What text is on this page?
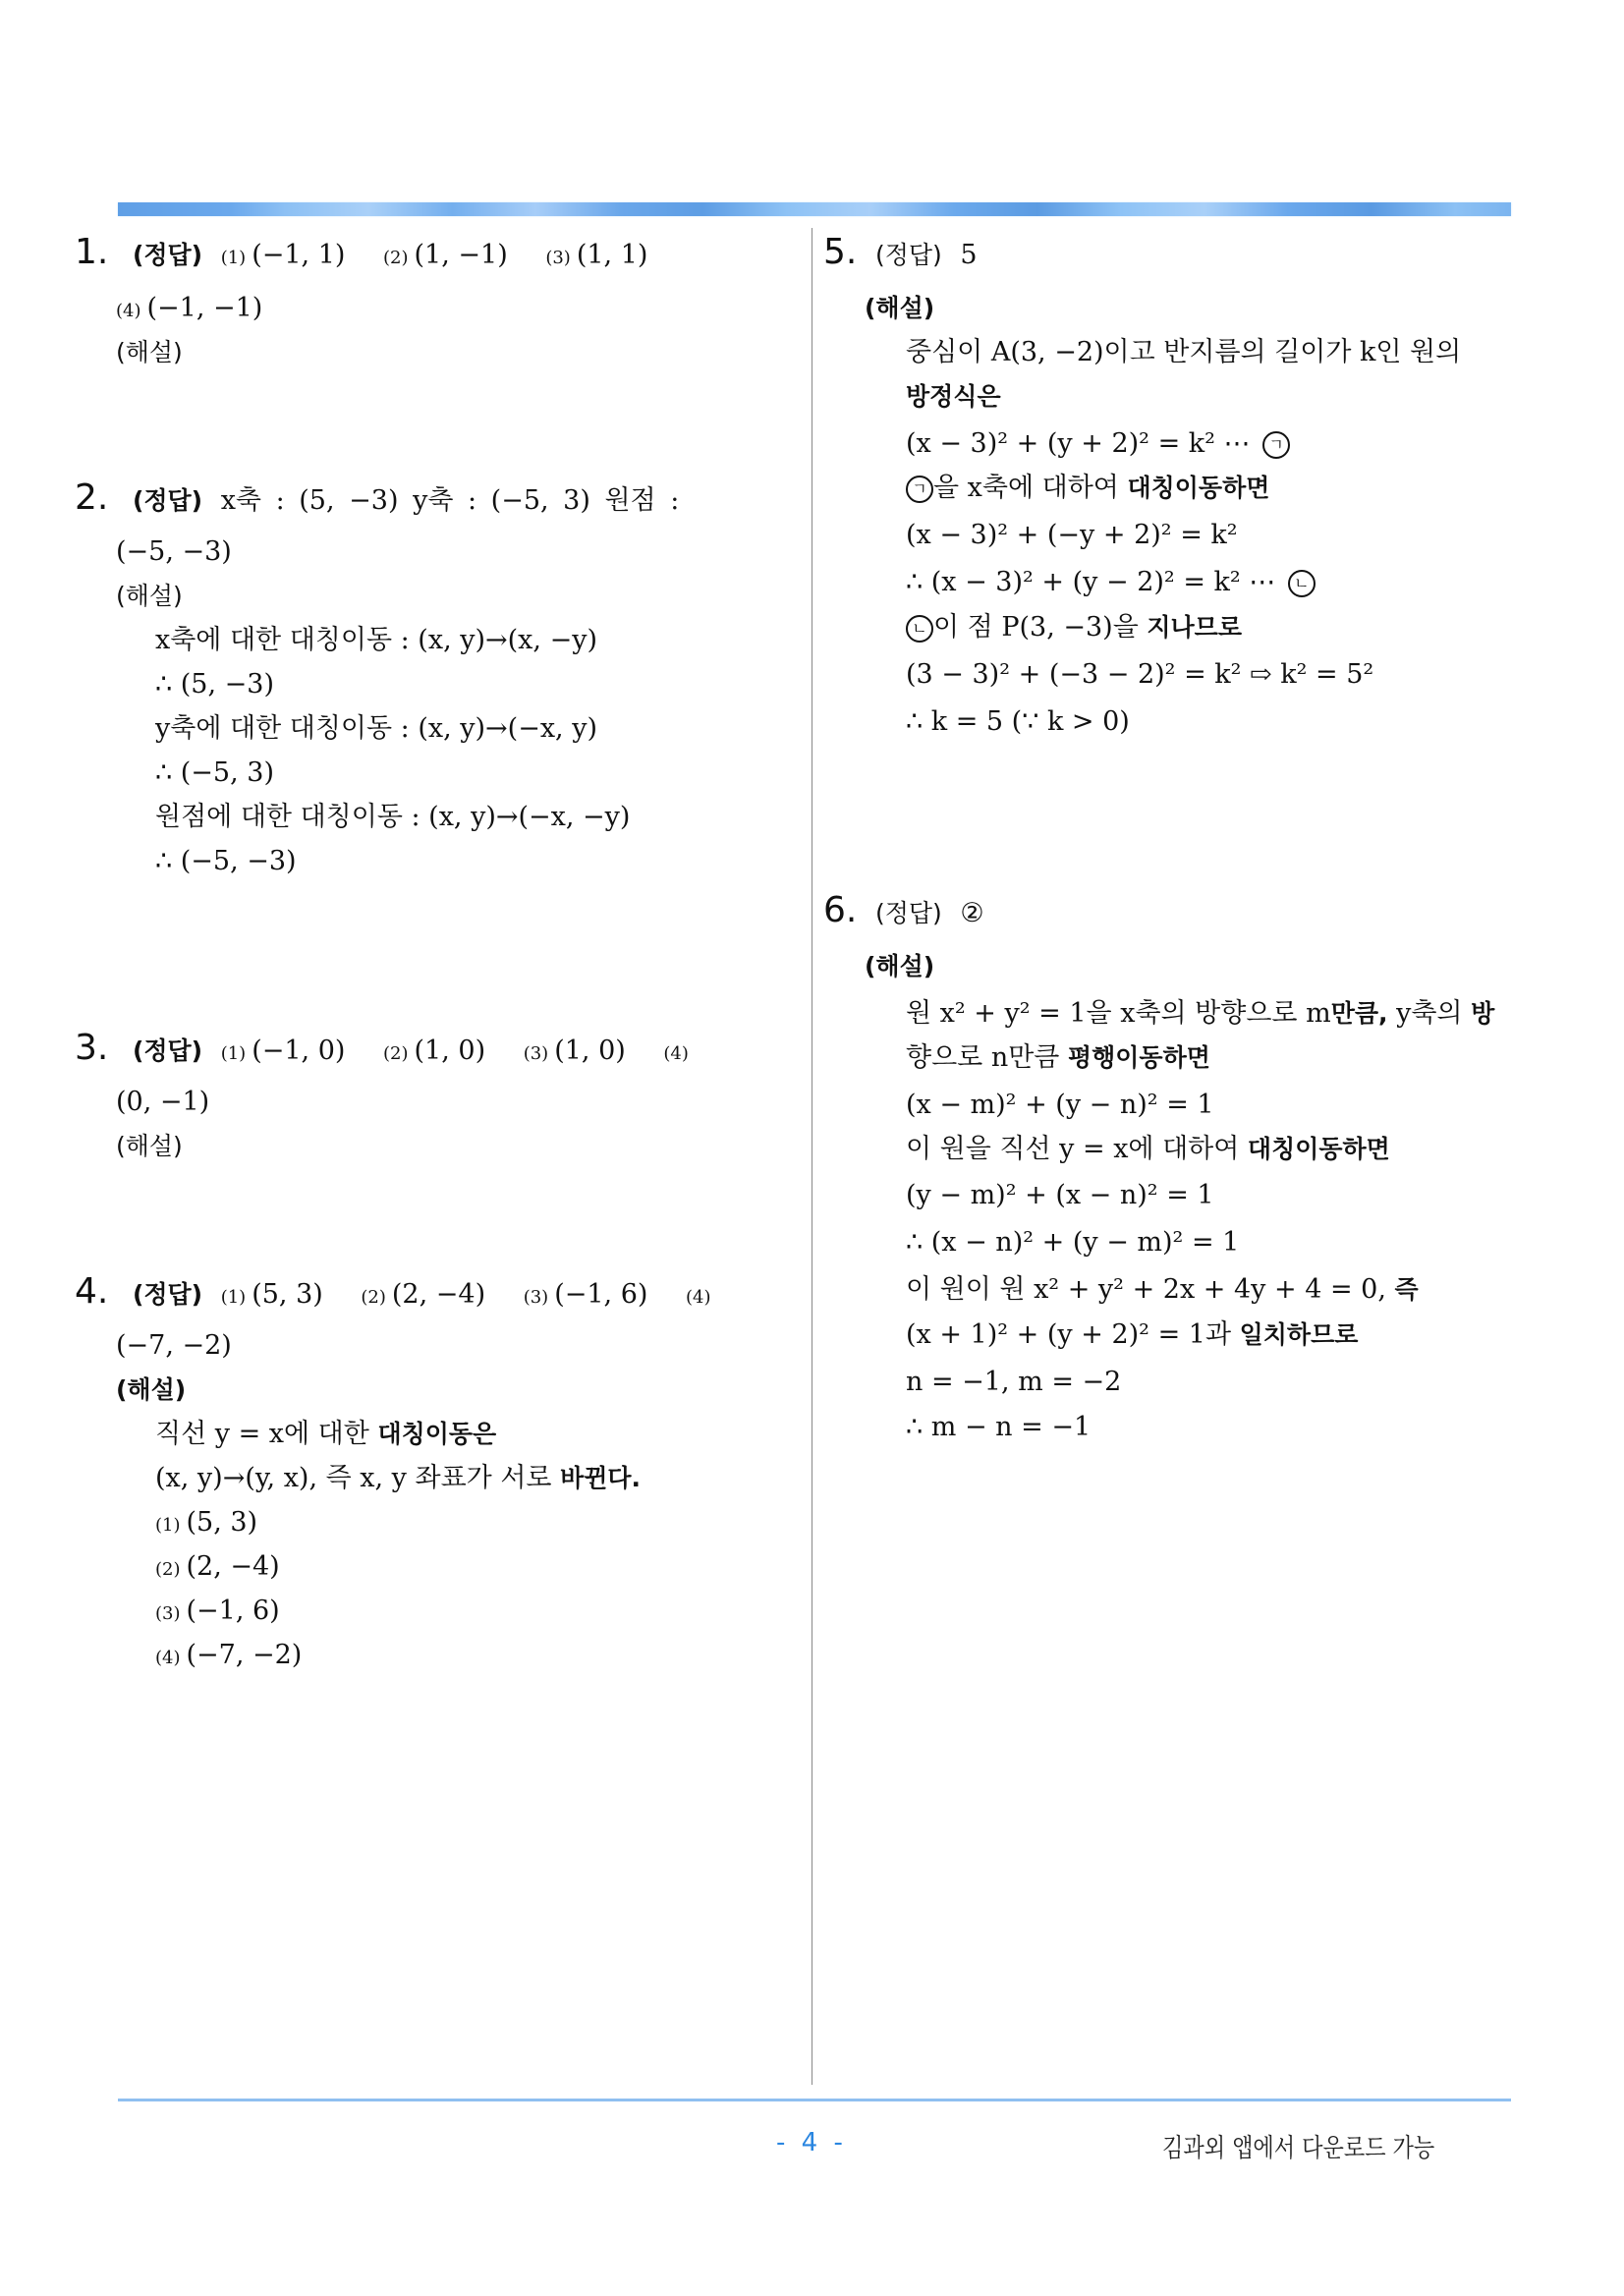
1. (정답) (1) (−1, 1) (2) (1, −1) (3) (1, 1)
(4) (−1, −1)
(해설)
2. (정답) x축 : (5, −3) y축 : (−5, 3) 원점 :
(−5, −3)
(해설)
x축에 대한 대칭이동 : (x, y)→(x, −y)
∴ (5, −3)
y축에 대한 대칭이동 : (x, y)→(−x, y)
∴ (−5, 3)
원점에 대한 대칭이동 : (x, y)→(−x, −y)
∴ (−5, −3)
3. (정답) (1) (−1, 0) (2) (1, 0) (3) (1, 0) (4)
(0, −1)
(해설)
4. (정답) (1) (5, 3) (2) (2, −4) (3) (−1, 6) (4)
(−7, −2)
(해설)
직선 y = x에 대한 대칭이동은
(x, y)→(y, x), 즉 x, y 좌표가 서로 바뀐다.
(1) (5, 3)
(2) (2, −4)
(3) (−1, 6)
(4) (−7, −2)
5. (정답) 5
(해설)
중심이 A(3, −2)이고 반지름의 길이가 k인 원의
방정식은
(x − 3)² + (y + 2)² = k² ⋯ ㄱ
ㄱ 을 x축에 대하여 대칭이동하면
(x − 3)² + (−y + 2)² = k²
∴ (x − 3)² + (y − 2)² = k² ⋯ ㄴ
ㄴ 이 점 P(3, −3)을 지나므로
(3 − 3)² + (−3 − 2)² = k² ⇨ k² = 5²
∴ k = 5 (∵ k > 0)
6. (정답) ②
(해설)
원 x² + y² = 1을 x축의 방향으로 m만큼, y축의 방
향으로 n만큼 평행이동하면
(x − m)² + (y − n)² = 1
이 원을 직선 y = x에 대하여 대칭이동하면
(y − m)² + (x − n)² = 1
∴ (x − n)² + (y − m)² = 1
이 원이 원 x² + y² + 2x + 4y + 4 = 0, 즉
(x + 1)² + (y + 2)² = 1과 일치하므로
n = −1, m = −2
∴ m − n = −1
- 4 -	김과외 앱에서 다운로드 가능
